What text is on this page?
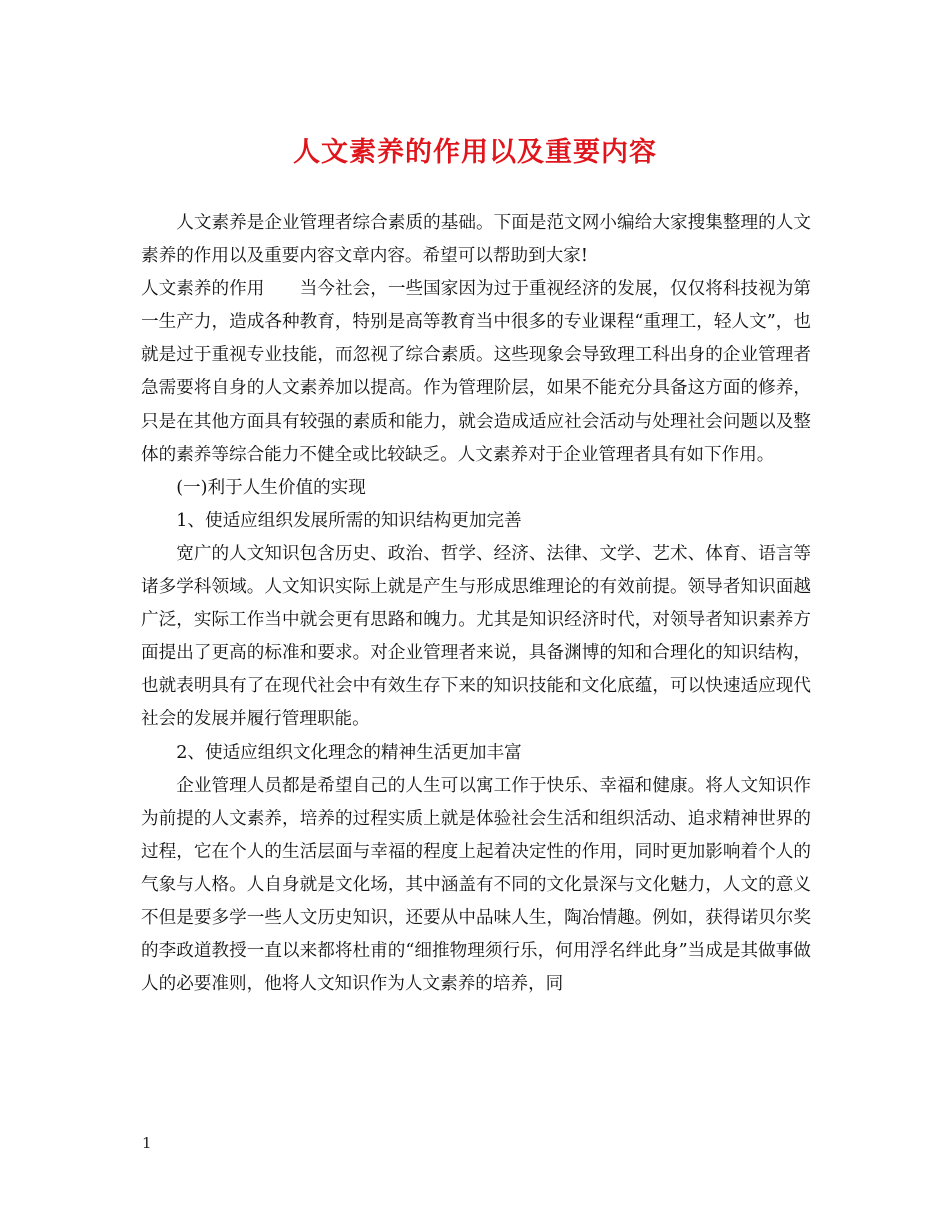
人文素养的作用以及重要内容

人文素养是企业管理者综合素质的基础。下面是范文网小编给大家搜集整理的人文素养的作用以及重要内容文章内容。希望可以帮助到大家!

人文素养的作用　　当今社会，一些国家因为过于重视经济的发展，仅仅将科技视为第一生产力，造成各种教育，特别是高等教育当中很多的专业课程“重理工，轻人文”，也就是过于重视专业技能，而忽视了综合素质。这些现象会导致理工科出身的企业管理者急需要将自身的人文素养加以提高。作为管理阶层，如果不能充分具备这方面的修养，只是在其他方面具有较强的素质和能力，就会造成适应社会活动与处理社会问题以及整体的素养等综合能力不健全或比较缺乏。人文素养对于企业管理者具有如下作用。

(一)利于人生价值的实现

1、使适应组织发展所需的知识结构更加完善

宽广的人文知识包含历史、政治、哲学、经济、法律、文学、艺术、体育、语言等诸多学科领域。人文知识实际上就是产生与形成思维理论的有效前提。领导者知识面越广泛，实际工作当中就会更有思路和魄力。尤其是知识经济时代，对领导者知识素养方面提出了更高的标准和要求。对企业管理者来说，具备渊博的知和合理化的知识结构，也就表明具有了在现代社会中有效生存下来的知识技能和文化底蕴，可以快速适应现代社会的发展并履行管理职能。

2、使适应组织文化理念的精神生活更加丰富

企业管理人员都是希望自己的人生可以寓工作于快乐、幸福和健康。将人文知识作为前提的人文素养，培养的过程实质上就是体验社会生活和组织活动、追求精神世界的过程，它在个人的生活层面与幸福的程度上起着决定性的作用，同时更加影响着个人的气象与人格。人自身就是文化场，其中涵盖有不同的文化景深与文化魅力，人文的意义不但是要多学一些人文历史知识，还要从中品味人生，陶冶情趣。例如，获得诺贝尔奖的李政道教授一直以来都将杜甫的“细推物理须行乐，何用浮名绊此身”当成是其做事做人的必要准则，他将人文知识作为人文素养的培养，同

1
